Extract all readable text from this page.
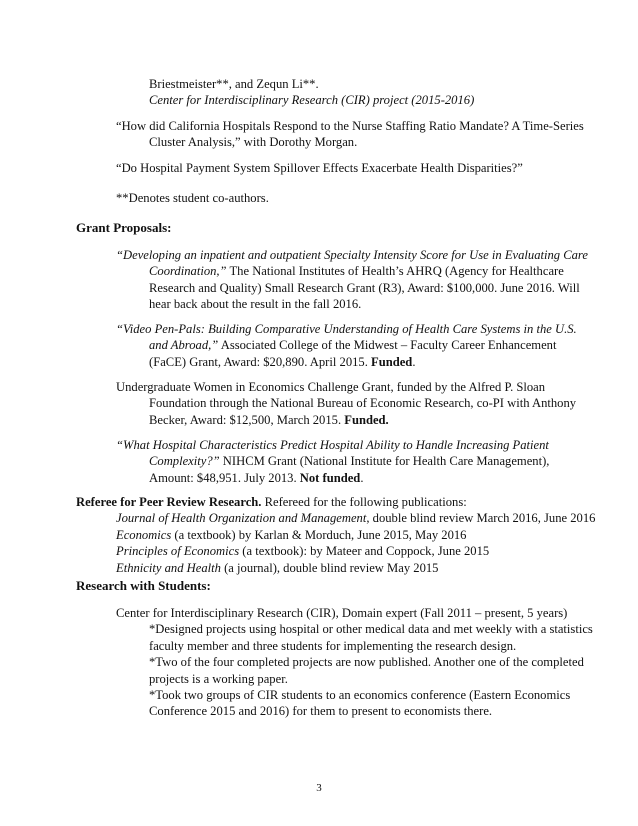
Briestmeister**, and Zequn Li**.
Center for Interdisciplinary Research (CIR) project (2015-2016)
“How did California Hospitals Respond to the Nurse Staffing Ratio Mandate? A Time-Series
Cluster Analysis,” with Dorothy Morgan.
“Do Hospital Payment System Spillover Effects Exacerbate Health Disparities?”
**Denotes student co-authors.
Grant Proposals:
“Developing an inpatient and outpatient Specialty Intensity Score for Use in Evaluating Care
Coordination,” The National Institutes of Health’s AHRQ (Agency for Healthcare
Research and Quality) Small Research Grant (R3), Award: $100,000. June 2016. Will
hear back about the result in the fall 2016.
“Video Pen-Pals: Building Comparative Understanding of Health Care Systems in the U.S.
and Abroad,” Associated College of the Midwest – Faculty Career Enhancement
(FaCE) Grant, Award: $20,890. April 2015. Funded.
Undergraduate Women in Economics Challenge Grant, funded by the Alfred P. Sloan
Foundation through the National Bureau of Economic Research, co-PI with Anthony
Becker, Award: $12,500, March 2015. Funded.
“What Hospital Characteristics Predict Hospital Ability to Handle Increasing Patient
Complexity?” NIHCM Grant (National Institute for Health Care Management),
Amount: $48,951. July 2013. Not funded.
Referee for Peer Review Research. Refereed for the following publications:
Journal of Health Organization and Management, double blind review March 2016, June 2016
Economics (a textbook) by Karlan & Morduch, June 2015, May 2016
Principles of Economics (a textbook): by Mateer and Coppock, June 2015
Ethnicity and Health (a journal), double blind review May 2015
Research with Students:
Center for Interdisciplinary Research (CIR), Domain expert (Fall 2011 – present, 5 years)
*Designed projects using hospital or other medical data and met weekly with a statistics
faculty member and three students for implementing the research design.
*Two of the four completed projects are now published. Another one of the completed
projects is a working paper.
*Took two groups of CIR students to an economics conference (Eastern Economics
Conference 2015 and 2016) for them to present to economists there.
3
